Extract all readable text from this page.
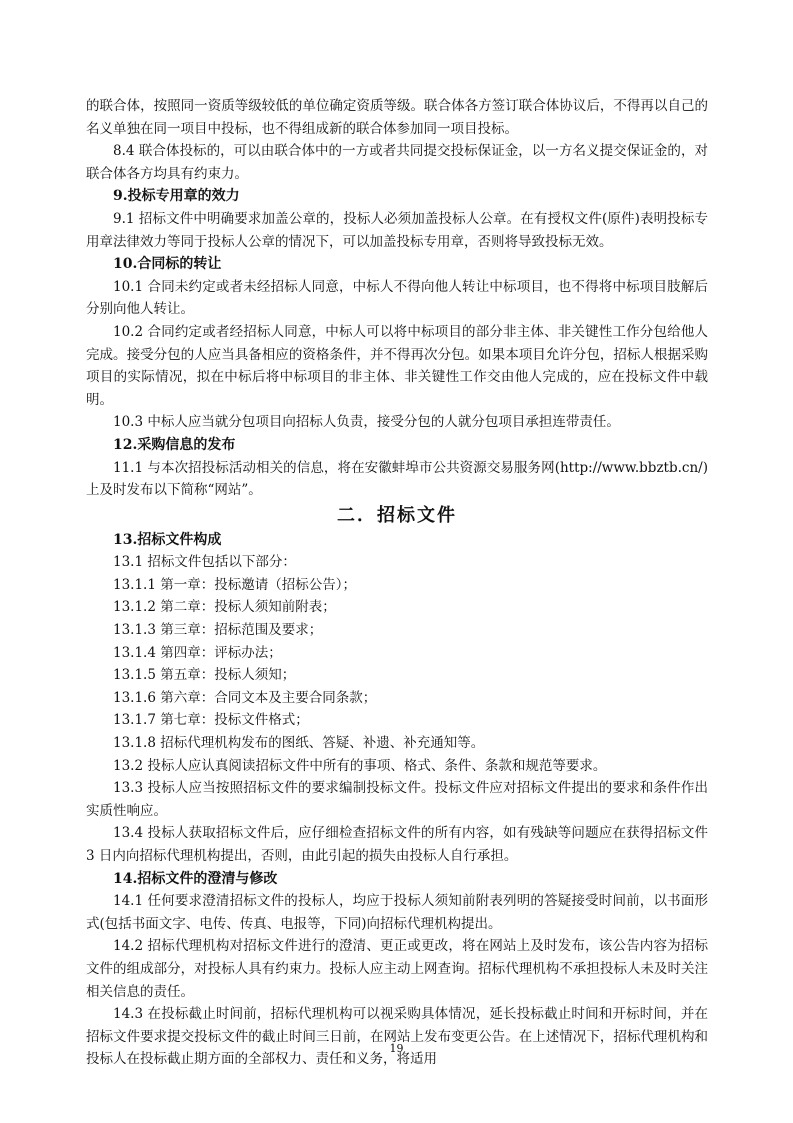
的联合体，按照同一资质等级较低的单位确定资质等级。联合体各方签订联合体协议后，不得再以自己的名义单独在同一项目中投标，也不得组成新的联合体参加同一项目投标。

8.4 联合体投标的，可以由联合体中的一方或者共同提交投标保证金，以一方名义提交保证金的，对联合体各方均具有约束力。

9.投标专用章的效力

9.1 招标文件中明确要求加盖公章的，投标人必须加盖投标人公章。在有授权文件(原件)表明投标专用章法律效力等同于投标人公章的情况下，可以加盖投标专用章，否则将导致投标无效。

10.合同标的转让

10.1 合同未约定或者未经招标人同意，中标人不得向他人转让中标项目，也不得将中标项目肢解后分别向他人转让。

10.2 合同约定或者经招标人同意，中标人可以将中标项目的部分非主体、非关键性工作分包给他人完成。接受分包的人应当具备相应的资格条件，并不得再次分包。如果本项目允许分包，招标人根据采购项目的实际情况，拟在中标后将中标项目的非主体、非关键性工作交由他人完成的，应在投标文件中载明。

10.3 中标人应当就分包项目向招标人负责，接受分包的人就分包项目承担连带责任。

12.采购信息的发布

11.1 与本次招投标活动相关的信息，将在安徽蚌埠市公共资源交易服务网(http://www.bbztb.cn/)上及时发布以下简称“网站”。

二．招标文件

13.招标文件构成

13.1 招标文件包括以下部分：

13.1.1 第一章：投标邀请（招标公告）；

13.1.2 第二章：投标人须知前附表；

13.1.3 第三章：招标范围及要求；

13.1.4 第四章：评标办法；

13.1.5 第五章：投标人须知；

13.1.6 第六章：合同文本及主要合同条款；

13.1.7 第七章：投标文件格式；

13.1.8 招标代理机构发布的图纸、答疑、补遗、补充通知等。

13.2 投标人应认真阅读招标文件中所有的事项、格式、条件、条款和规范等要求。

13.3 投标人应当按照招标文件的要求编制投标文件。投标文件应对招标文件提出的要求和条件作出实质性响应。

13.4 投标人获取招标文件后，应仔细检查招标文件的所有内容，如有残缺等问题应在获得招标文件 3 日内向招标代理机构提出，否则，由此引起的损失由投标人自行承担。

14.招标文件的澄清与修改

14.1 任何要求澄清招标文件的投标人，均应于投标人须知前附表列明的答疑接受时间前，以书面形式(包括书面文字、电传、传真、电报等，下同)向招标代理机构提出。

14.2 招标代理机构对招标文件进行的澄清、更正或更改，将在网站上及时发布，该公告内容为招标文件的组成部分，对投标人具有约束力。投标人应主动上网查询。招标代理机构不承担投标人未及时关注相关信息的责任。

14.3 在投标截止时间前，招标代理机构可以视采购具体情况，延长投标截止时间和开标时间，并在招标文件要求提交投标文件的截止时间三日前，在网站上发布变更公告。在上述情况下，招标代理机构和投标人在投标截止期方面的全部权力、责任和义务，将适用

19
